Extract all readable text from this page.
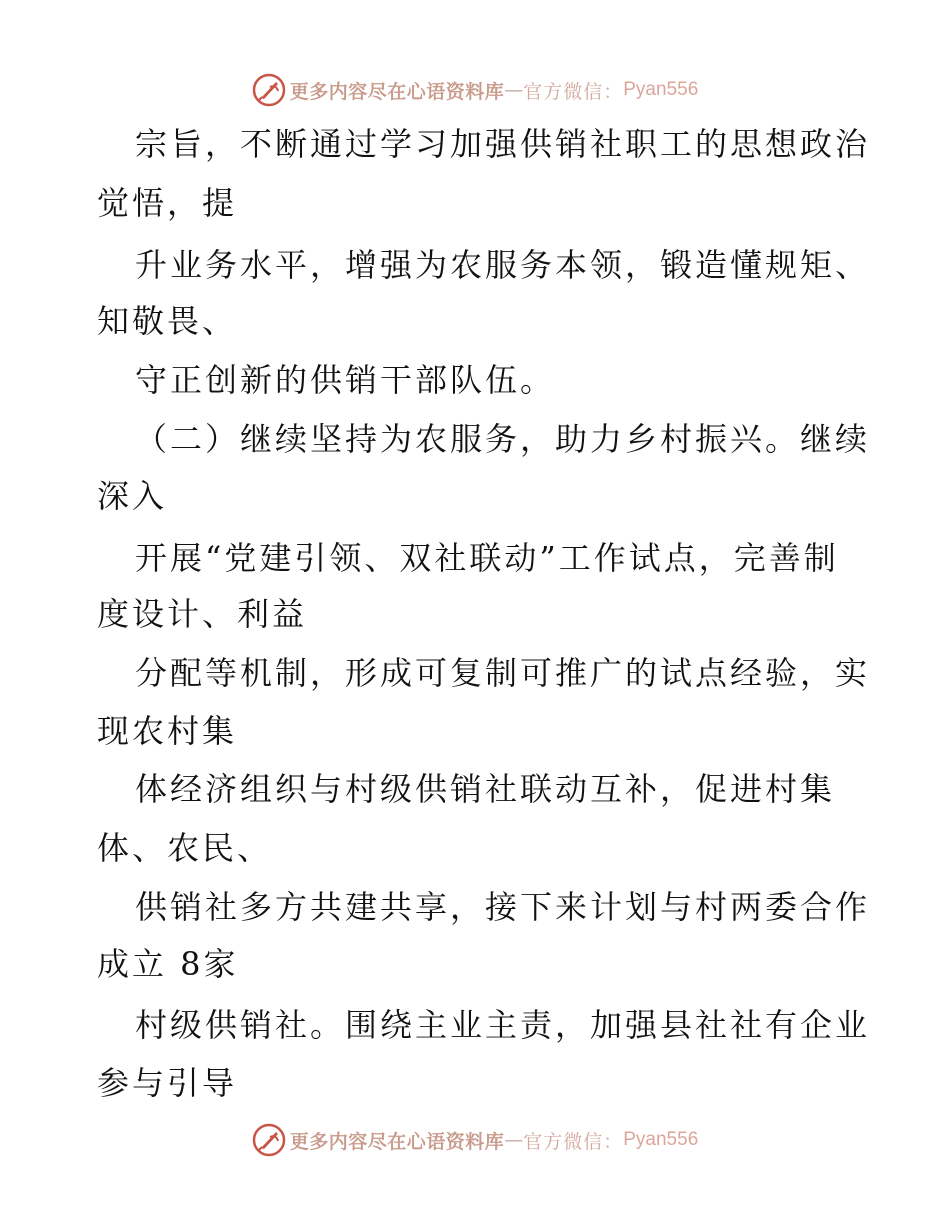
更多内容尽在心语资料库 — 官方微信： Pyan556
宗旨，不断通过学习加强供销社职工的思想政治
觉悟，提
升业务水平，增强为农服务本领，锻造懂规矩、
知敬畏、
守正创新的供销干部队伍。
（二）继续坚持为农服务，助力乡村振兴。继续
深入
开展“党建引领、双社联动”工作试点，完善制
度设计、利益
分配等机制，形成可复制可推广的试点经验，实
现农村集
体经济组织与村级供销社联动互补，促进村集
体、农民、
供销社多方共建共享，接下来计划与村两委合作
成立 8家
村级供销社。围绕主业主责，加强县社社有企业
参与引导
更多内容尽在心语资料库 — 官方微信： Pyan556
